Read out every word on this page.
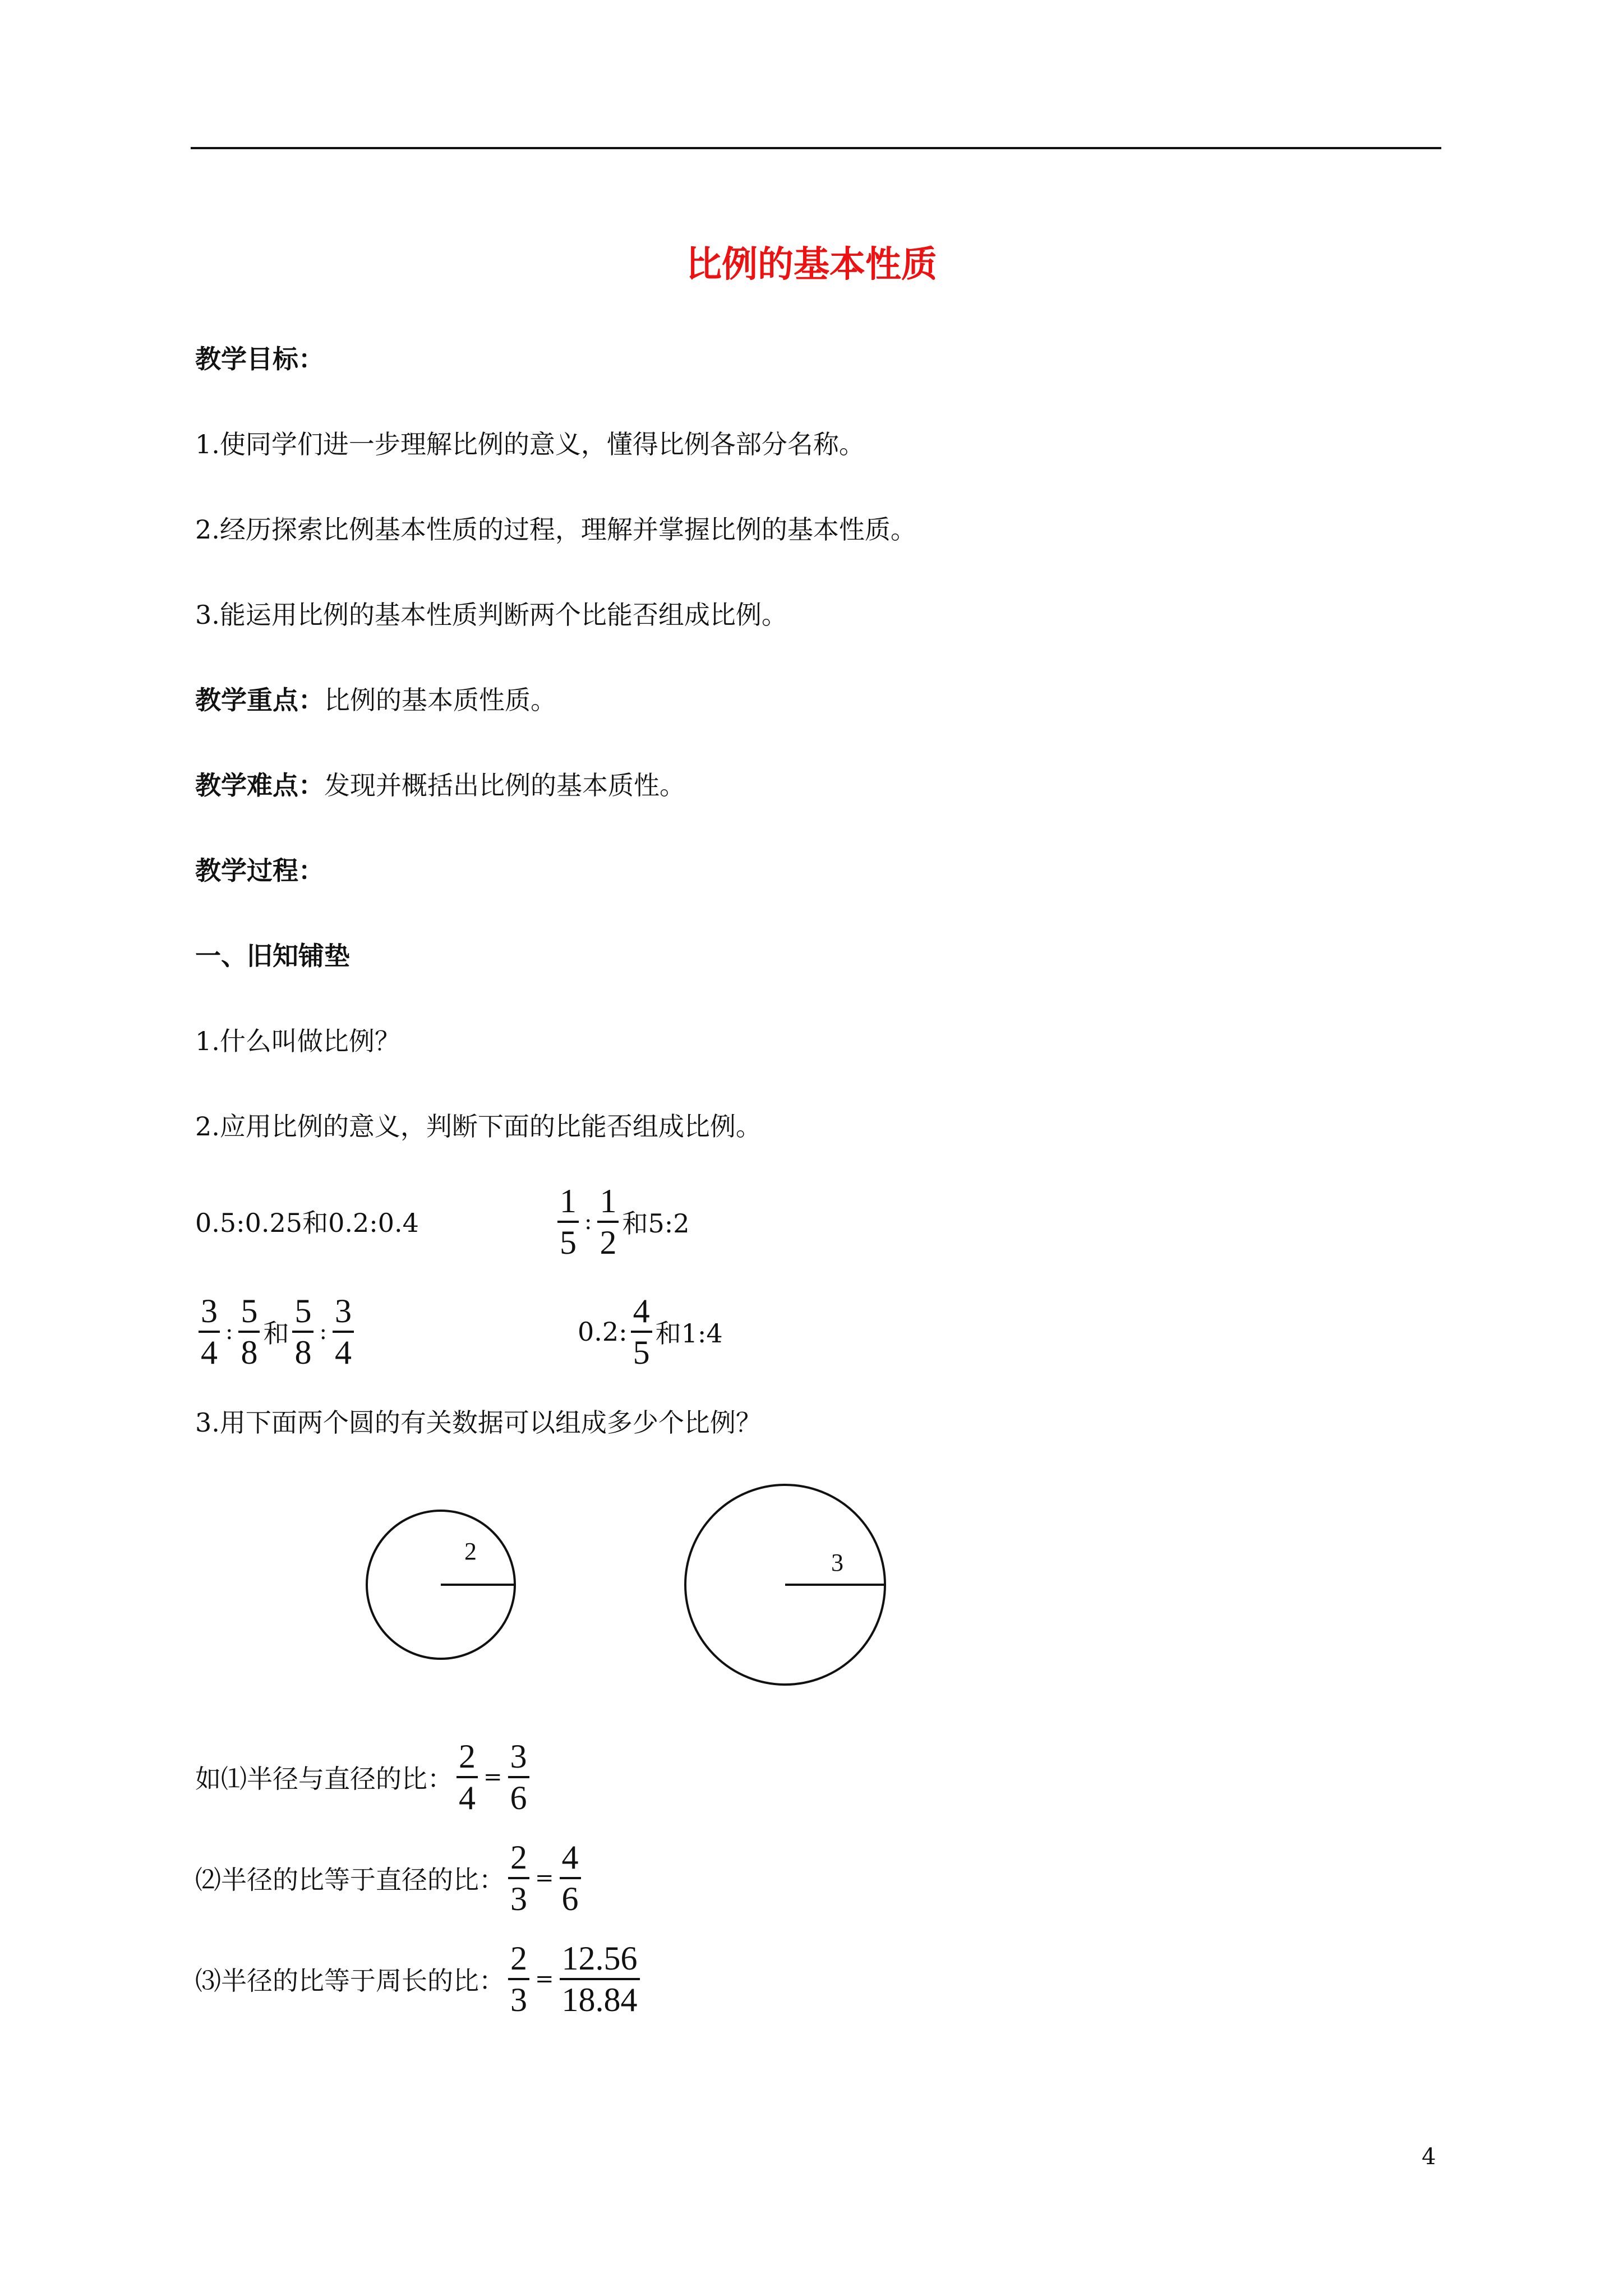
比例的基本性质
教学目标：
1.使同学们进一步理解比例的意义，懂得比例各部分名称。
2.经历探索比例基本性质的过程，理解并掌握比例的基本性质。
3.能运用比例的基本性质判断两个比能否组成比例。
教学重点：比例的基本质性质。
教学难点：发现并概括出比例的基本质性。
教学过程：
一、旧知铺垫
1.什么叫做比例？
2.应用比例的意义，判断下面的比能否组成比例。
0.5:0.25和0.2:0.4	$\frac{1}{5}$ : $\frac{1}{2}$ 和5:2
$\frac{3}{4}$ : $\frac{5}{8}$ 和 $\frac{5}{8}$ : $\frac{3}{4}$	0.2: $\frac{4}{5}$ 和1:4
3.用下面两个圆的有关数据可以组成多少个比例？
2	3
如⑴半径与直径的比： $\frac{2}{4} = \frac{3}{6}$
⑵半径的比等于直径的比： $\frac{2}{3} = \frac{4}{6}$
⑶半径的比等于周长的比： $\frac{2}{3} = \frac{12.56}{18.84}$
4
